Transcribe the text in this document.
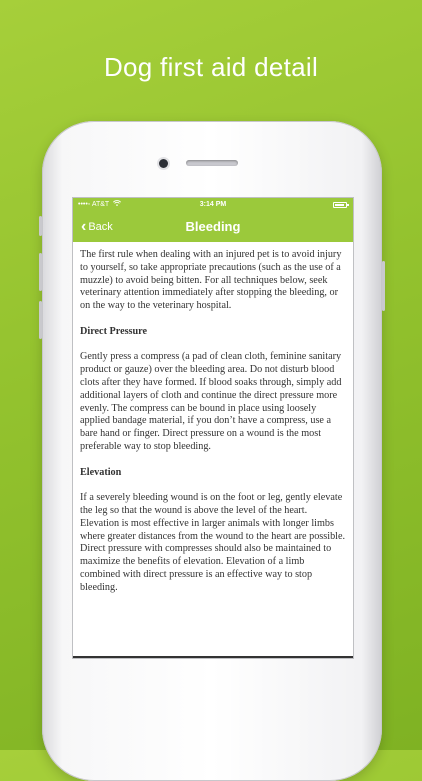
Dog first aid detail
••••◦ AT&T	3:14 PM
‹ Back	Bleeding

The first rule when dealing with an injured pet is to avoid injury to yourself, so take appropriate precautions (such as the use of a muzzle) to avoid being bitten. For all techniques below, seek veterinary attention immediately after stopping the bleeding, or on the way to the veterinary hospital.

Direct Pressure

Gently press a compress (a pad of clean cloth, feminine sanitary product or gauze) over the bleeding area. Do not disturb blood clots after they have formed. If blood soaks through, simply add additional layers of cloth and continue the direct pressure more evenly. The compress can be bound in place using loosely applied bandage material, if you don’t have a compress, use a bare hand or finger. Direct pressure on a wound is the most preferable way to stop bleeding.

Elevation

If a severely bleeding wound is on the foot or leg, gently elevate the leg so that the wound is above the level of the heart. Elevation is most effective in larger animals with longer limbs where greater distances from the wound to the heart are possible. Direct pressure with compresses should also be maintained to maximize the benefits of elevation. Elevation of a limb combined with direct pressure is an effective way to stop bleeding.
